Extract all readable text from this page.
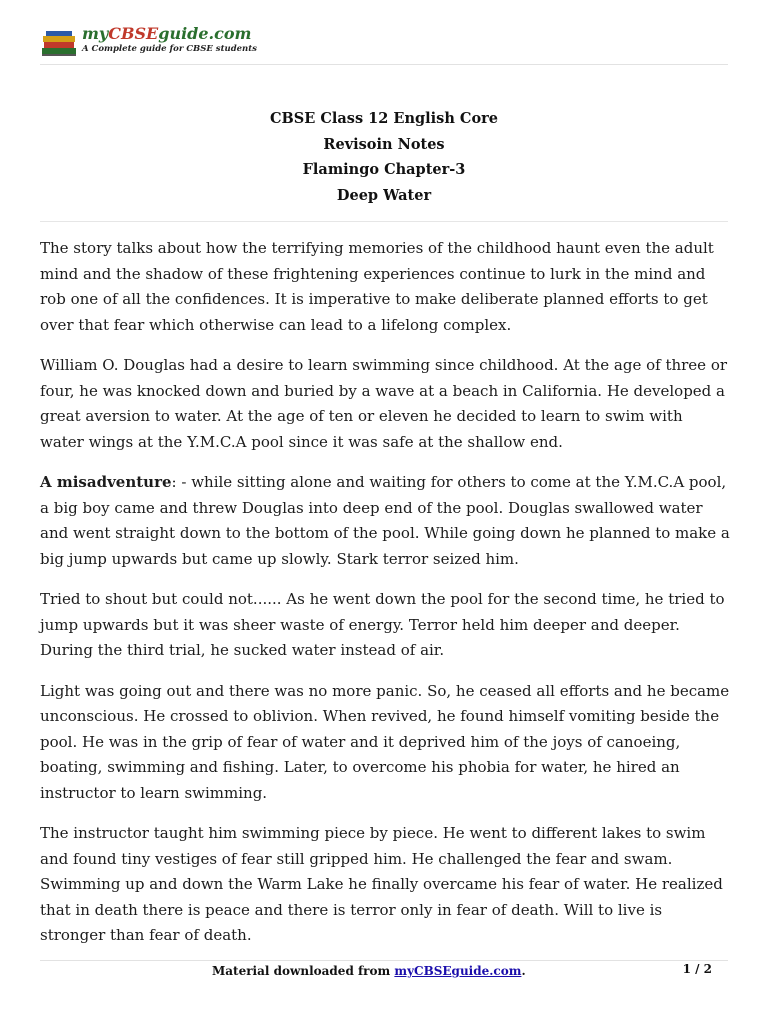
myCBSEguide.com
A Complete guide for CBSE students
CBSE Class 12 English Core
Revisoin Notes
Flamingo Chapter-3
Deep Water

The story talks about how the terrifying memories of the childhood haunt even the adult mind and the shadow of these frightening experiences continue to lurk in the mind and rob one of all the confidences. It is imperative to make deliberate planned efforts to get over that fear which otherwise can lead to a lifelong complex.

William O. Douglas had a desire to learn swimming since childhood. At the age of three or four, he was knocked down and buried by a wave at a beach in California. He developed a great aversion to water. At the age of ten or eleven he decided to learn to swim with water wings at the Y.M.C.A pool since it was safe at the shallow end.

A misadventure: - while sitting alone and waiting for others to come at the Y.M.C.A pool, a big boy came and threw Douglas into deep end of the pool. Douglas swallowed water and went straight down to the bottom of the pool. While going down he planned to make a big jump upwards but came up slowly. Stark terror seized him.

Tried to shout but could not...... As he went down the pool for the second time, he tried to jump upwards but it was sheer waste of energy. Terror held him deeper and deeper. During the third trial, he sucked water instead of air.

Light was going out and there was no more panic. So, he ceased all efforts and he became unconscious. He crossed to oblivion. When revived, he found himself vomiting beside the pool. He was in the grip of fear of water and it deprived him of the joys of canoeing, boating, swimming and fishing. Later, to overcome his phobia for water, he hired an instructor to learn swimming.

The instructor taught him swimming piece by piece. He went to different lakes to swim and found tiny vestiges of fear still gripped him. He challenged the fear and swam. Swimming up and down the Warm Lake he finally overcame his fear of water. He realized that in death there is peace and there is terror only in fear of death. Will to live is stronger than fear of death.

Material downloaded from myCBSEguide.com.	1 / 2
